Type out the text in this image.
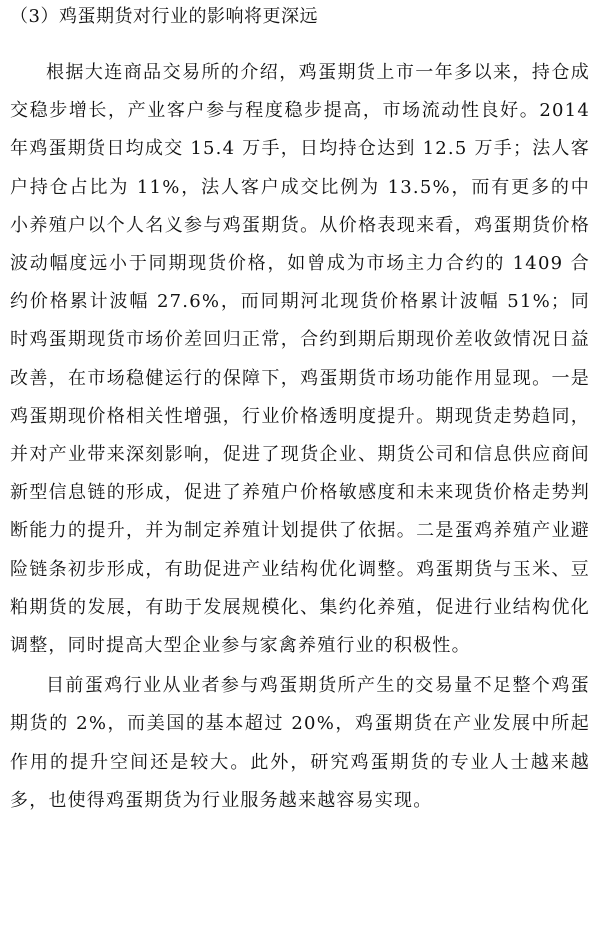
（3）鸡蛋期货对行业的影响将更深远

根据大连商品交易所的介绍，鸡蛋期货上市一年多以来，持仓成交稳步增长，产业客户参与程度稳步提高，市场流动性良好。2014年鸡蛋期货日均成交 15.4 万手，日均持仓达到 12.5 万手；法人客户持仓占比为 11%，法人客户成交比例为 13.5%，而有更多的中小养殖户以个人名义参与鸡蛋期货。从价格表现来看，鸡蛋期货价格波动幅度远小于同期现货价格，如曾成为市场主力合约的 1409 合约价格累计波幅 27.6%，而同期河北现货价格累计波幅 51%；同时鸡蛋期现货市场价差回归正常，合约到期后期现价差收敛情况日益改善，在市场稳健运行的保障下，鸡蛋期货市场功能作用显现。一是鸡蛋期现价格相关性增强，行业价格透明度提升。期现货走势趋同，并对产业带来深刻影响，促进了现货企业、期货公司和信息供应商间新型信息链的形成，促进了养殖户价格敏感度和未来现货价格走势判断能力的提升，并为制定养殖计划提供了依据。二是蛋鸡养殖产业避险链条初步形成，有助促进产业结构优化调整。鸡蛋期货与玉米、豆粕期货的发展，有助于发展规模化、集约化养殖，促进行业结构优化调整，同时提高大型企业参与家禽养殖行业的积极性。

目前蛋鸡行业从业者参与鸡蛋期货所产生的交易量不足整个鸡蛋期货的 2%，而美国的基本超过 20%，鸡蛋期货在产业发展中所起作用的提升空间还是较大。此外，研究鸡蛋期货的专业人士越来越多，也使得鸡蛋期货为行业服务越来越容易实现。
